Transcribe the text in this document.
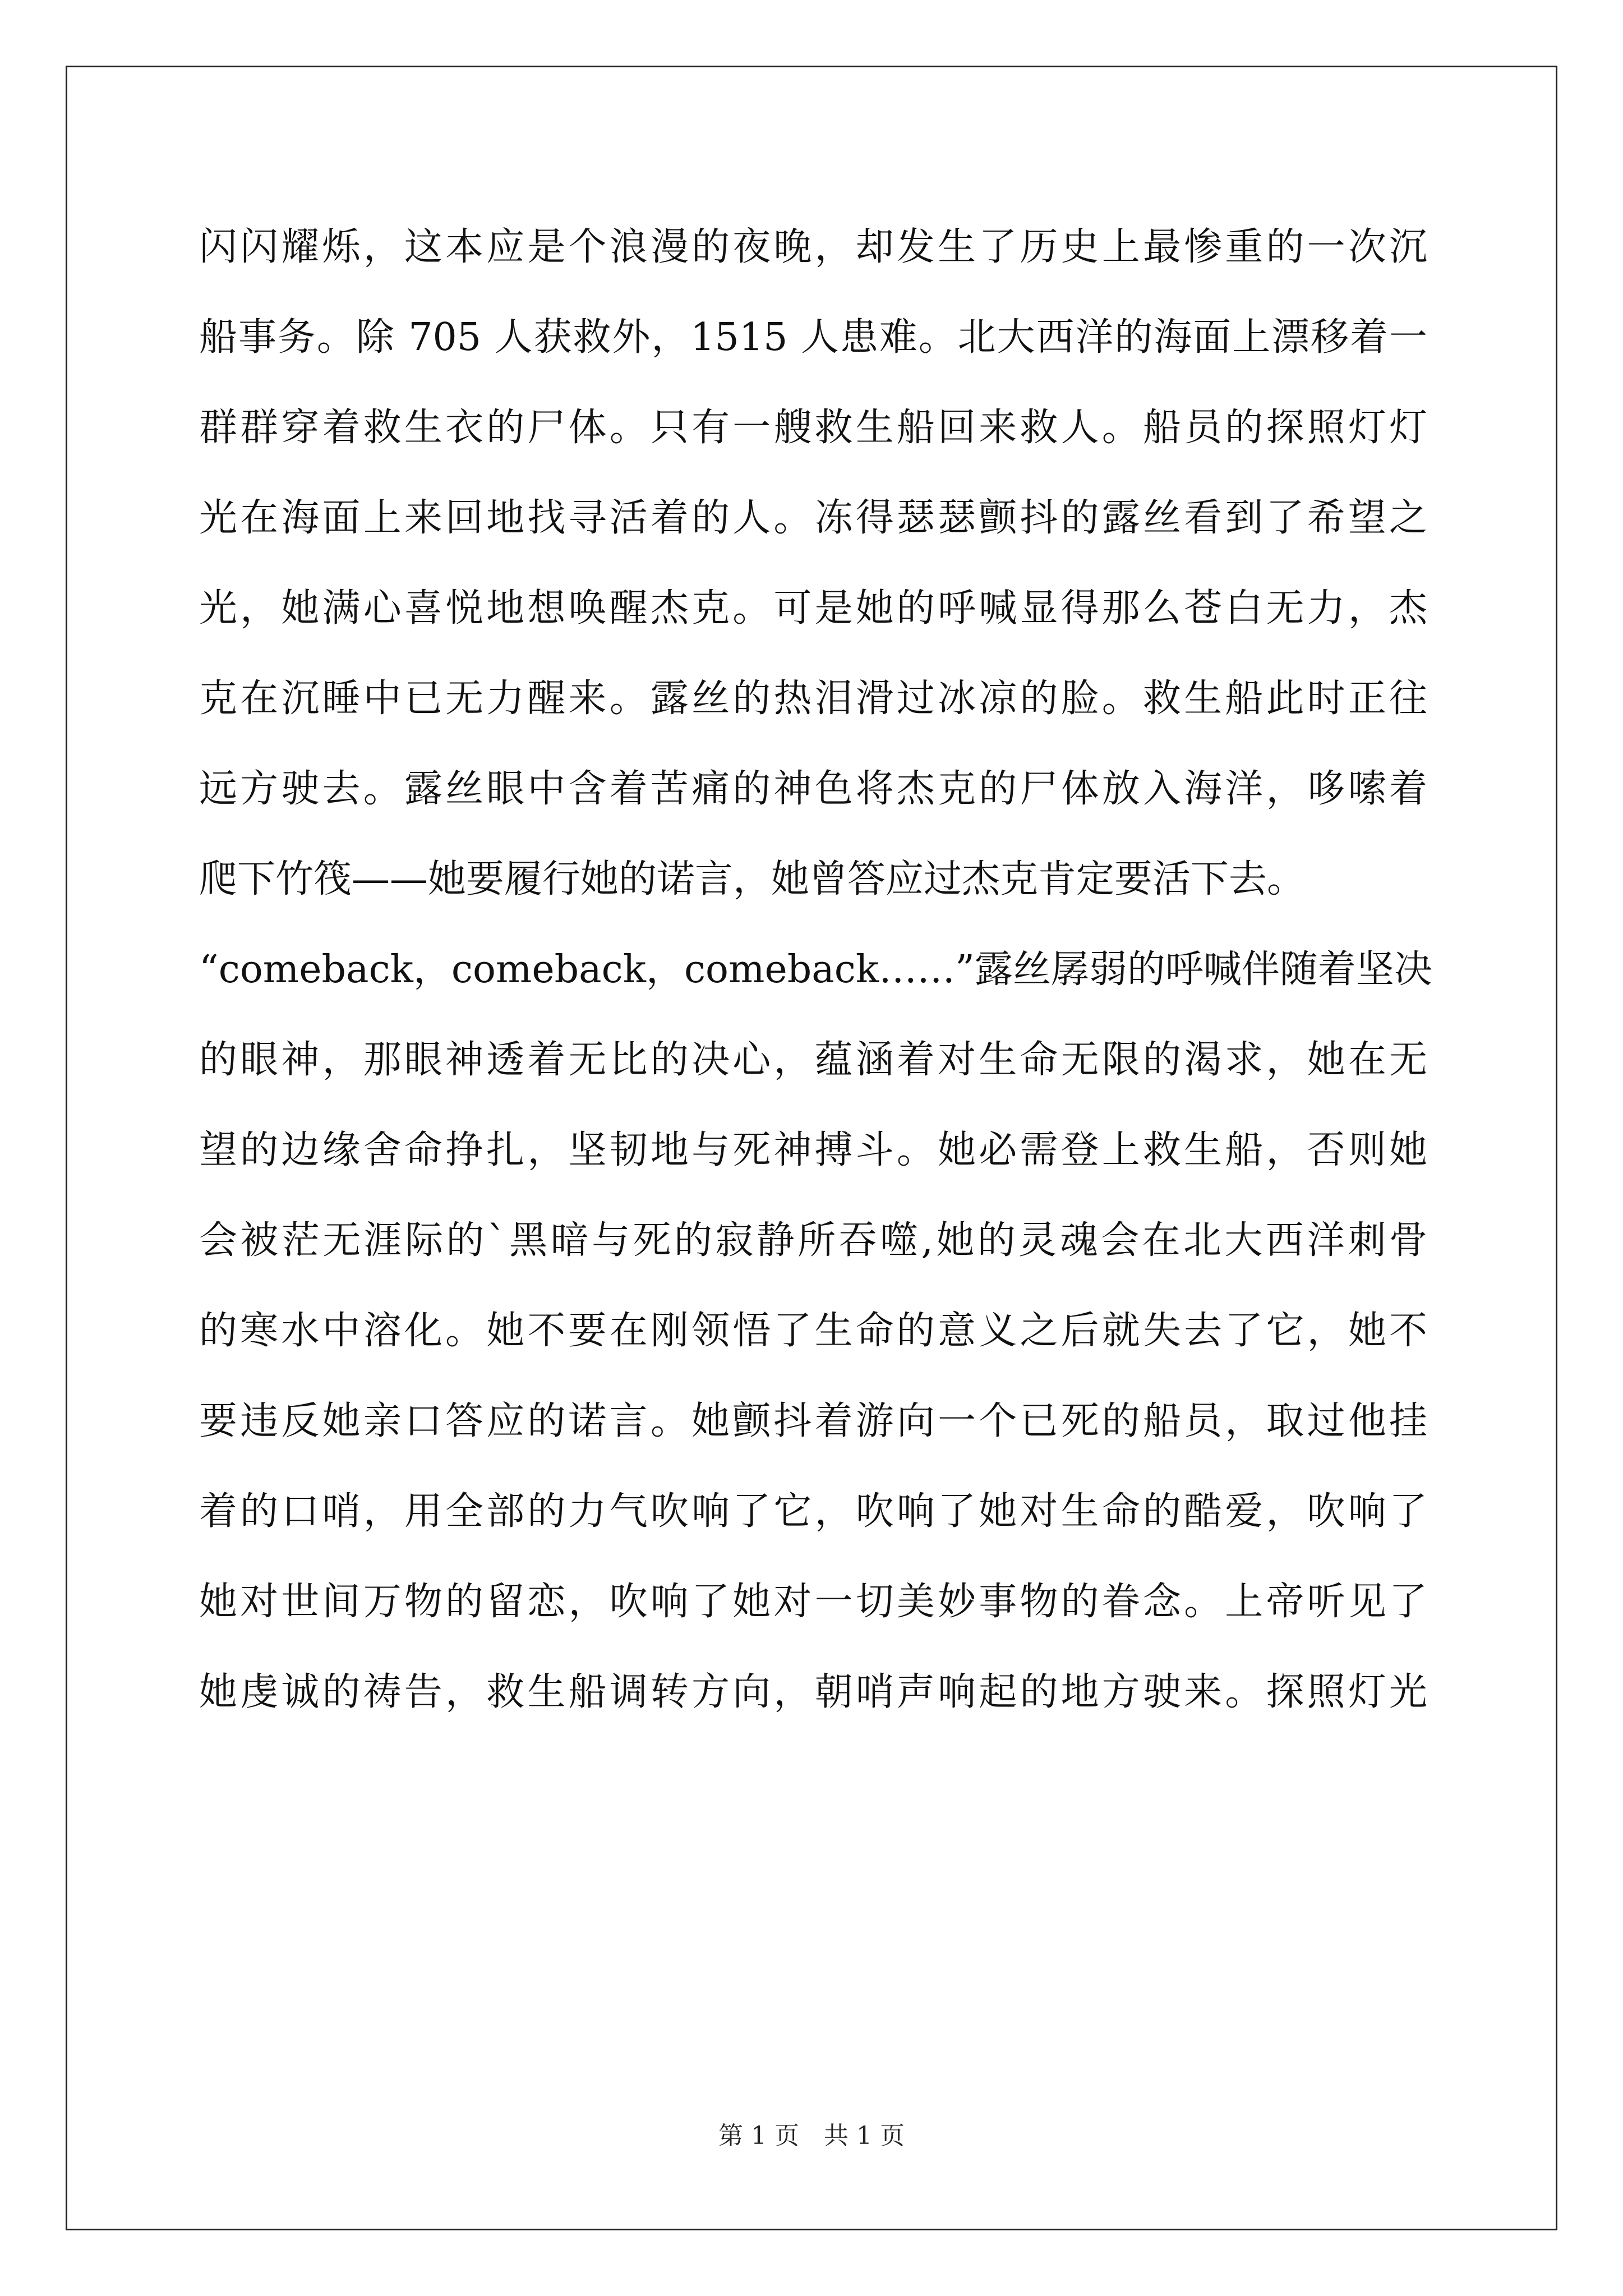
闪闪耀烁，这本应是个浪漫的夜晚，却发生了历史上最惨重的一次沉
船事务。除 705 人获救外，1515 人患难。北大西洋的海面上漂移着一
群群穿着救生衣的尸体。只有一艘救生船回来救人。船员的探照灯灯
光在海面上来回地找寻活着的人。冻得瑟瑟颤抖的露丝看到了希望之
光，她满心喜悦地想唤醒杰克。可是她的呼喊显得那么苍白无力，杰
克在沉睡中已无力醒来。露丝的热泪滑过冰凉的脸。救生船此时正往
远方驶去。露丝眼中含着苦痛的神色将杰克的尸体放入海洋，哆嗦着
爬下竹筏——她要履行她的诺言，她曾答应过杰克肯定要活下去。
“comeback，comeback，comeback……”露丝孱弱的呼喊伴随着坚决
的眼神，那眼神透着无比的决心，蕴涵着对生命无限的渴求，她在无
望的边缘舍命挣扎，坚韧地与死神搏斗。她必需登上救生船，否则她
会被茫无涯际的`黑暗与死的寂静所吞噬,她的灵魂会在北大西洋刺骨
的寒水中溶化。她不要在刚领悟了生命的意义之后就失去了它，她不
要违反她亲口答应的诺言。她颤抖着游向一个已死的船员，取过他挂
着的口哨，用全部的力气吹响了它，吹响了她对生命的酷爱，吹响了
她对世间万物的留恋，吹响了她对一切美妙事物的眷念。上帝听见了
她虔诚的祷告，救生船调转方向，朝哨声响起的地方驶来。探照灯光
第 1 页 共 1 页
